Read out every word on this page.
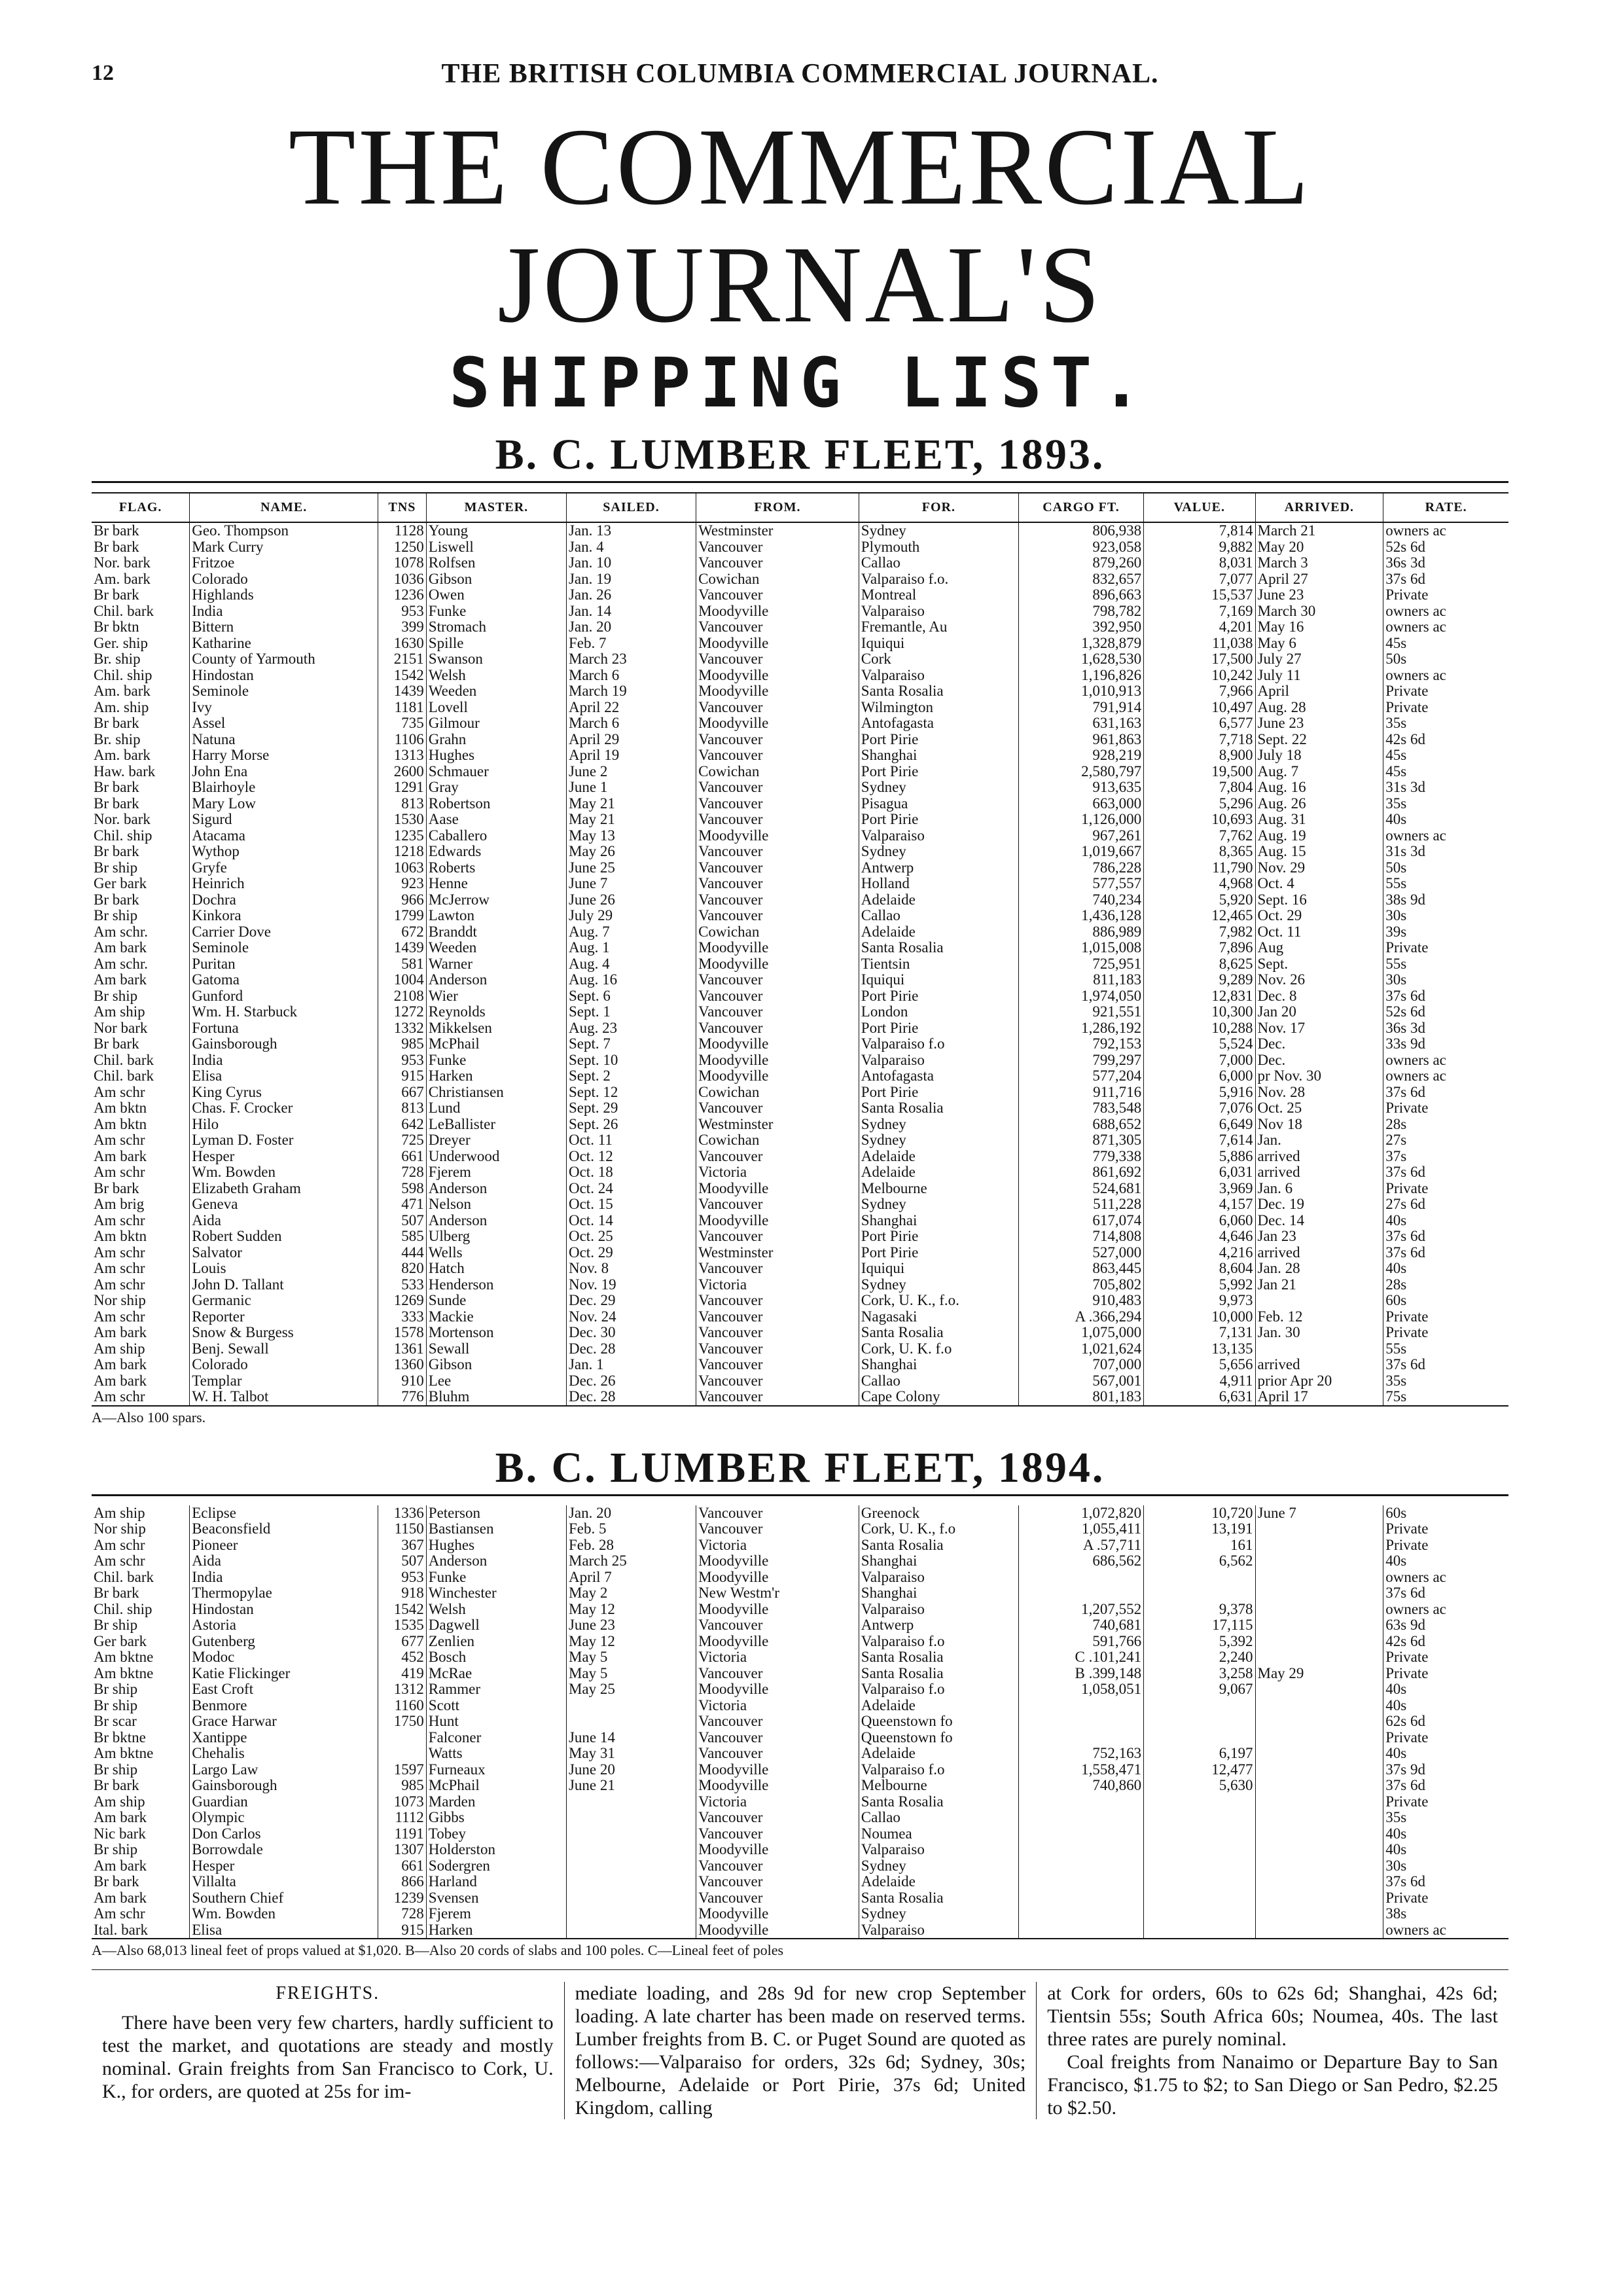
12	THE BRITISH COLUMBIA COMMERCIAL JOURNAL.
THE COMMERCIAL JOURNAL'S
SHIPPING LIST.
B. C. LUMBER FLEET, 1893.
FLAG.	NAME.	TNS	MASTER.	SAILED.	FROM.	FOR.	CARGO FT.	VALUE.	ARRIVED.	RATE.
Br bark	Geo. Thompson	1128	Young	Jan. 13	Westminster	Sydney	806,938	7,814	March 21	owners ac
Br bark	Mark Curry	1250	Liswell	Jan. 4	Vancouver	Plymouth	923,058	9,882	May 20	52s 6d
Nor. bark	Fritzoe	1078	Rolfsen	Jan. 10	Vancouver	Callao	879,260	8,031	March 3	36s 3d
Am. bark	Colorado	1036	Gibson	Jan. 19	Cowichan	Valparaiso f.o.	832,657	7,077	April 27	37s 6d
Br bark	Highlands	1236	Owen	Jan. 26	Vancouver	Montreal	896,663	15,537	June 23	Private
Chil. bark	India	953	Funke	Jan. 14	Moodyville	Valparaiso	798,782	7,169	March 30	owners ac
Br bktn	Bittern	399	Stromach	Jan. 20	Vancouver	Fremantle, Au	392,950	4,201	May 16	owners ac
Ger. ship	Katharine	1630	Spille	Feb. 7	Moodyville	Iquiqui	1,328,879	11,038	May 6	45s
Br. ship	County of Yarmouth	2151	Swanson	March 23	Vancouver	Cork	1,628,530	17,500	July 27	50s
Chil. ship	Hindostan	1542	Welsh	March 6	Moodyville	Valparaiso	1,196,826	10,242	July 11	owners ac
Am. bark	Seminole	1439	Weeden	March 19	Moodyville	Santa Rosalia	1,010,913	7,966	April	Private
Am. ship	Ivy	1181	Lovell	April 22	Vancouver	Wilmington	791,914	10,497	Aug. 28	Private
Br bark	Assel	735	Gilmour	March 6	Moodyville	Antofagasta	631,163	6,577	June 23	35s
Br. ship	Natuna	1106	Grahn	April 29	Vancouver	Port Pirie	961,863	7,718	Sept. 22	42s 6d
Am. bark	Harry Morse	1313	Hughes	April 19	Vancouver	Shanghai	928,219	8,900	July 18	45s
Haw. bark	John Ena	2600	Schmauer	June 2	Cowichan	Port Pirie	2,580,797	19,500	Aug. 7	45s
Br bark	Blairhoyle	1291	Gray	June 1	Vancouver	Sydney	913,635	7,804	Aug. 16	31s 3d
Br bark	Mary Low	813	Robertson	May 21	Vancouver	Pisagua	663,000	5,296	Aug. 26	35s
Nor. bark	Sigurd	1530	Aase	May 21	Vancouver	Port Pirie	1,126,000	10,693	Aug. 31	40s
Chil. ship	Atacama	1235	Caballero	May 13	Moodyville	Valparaiso	967,261	7,762	Aug. 19	owners ac
Br bark	Wythop	1218	Edwards	May 26	Vancouver	Sydney	1,019,667	8,365	Aug. 15	31s 3d
Br ship	Gryfe	1063	Roberts	June 25	Vancouver	Antwerp	786,228	11,790	Nov. 29	50s
Ger bark	Heinrich	923	Henne	June 7	Vancouver	Holland	577,557	4,968	Oct. 4	55s
Br bark	Dochra	966	McJerrow	June 26	Vancouver	Adelaide	740,234	5,920	Sept. 16	38s 9d
Br ship	Kinkora	1799	Lawton	July 29	Vancouver	Callao	1,436,128	12,465	Oct. 29	30s
Am schr.	Carrier Dove	672	Branddt	Aug. 7	Cowichan	Adelaide	886,989	7,982	Oct. 11	39s
Am bark	Seminole	1439	Weeden	Aug. 1	Moodyville	Santa Rosalia	1,015,008	7,896	Aug	Private
Am schr.	Puritan	581	Warner	Aug. 4	Moodyville	Tientsin	725,951	8,625	Sept.	55s
Am bark	Gatoma	1004	Anderson	Aug. 16	Vancouver	Iquiqui	811,183	9,289	Nov. 26	30s
Br ship	Gunford	2108	Wier	Sept. 6	Vancouver	Port Pirie	1,974,050	12,831	Dec. 8	37s 6d
Am ship	Wm. H. Starbuck	1272	Reynolds	Sept. 1	Vancouver	London	921,551	10,300	Jan 20	52s 6d
Nor bark	Fortuna	1332	Mikkelsen	Aug. 23	Vancouver	Port Pirie	1,286,192	10,288	Nov. 17	36s 3d
Br bark	Gainsborough	985	McPhail	Sept. 7	Moodyville	Valparaiso f.o	792,153	5,524	Dec.	33s 9d
Chil. bark	India	953	Funke	Sept. 10	Moodyville	Valparaiso	799,297	7,000	Dec.	owners ac
Chil. bark	Elisa	915	Harken	Sept. 2	Moodyville	Antofagasta	577,204	6,000	pr Nov. 30	owners ac
Am schr	King Cyrus	667	Christiansen	Sept. 12	Cowichan	Port Pirie	911,716	5,916	Nov. 28	37s 6d
Am bktn	Chas. F. Crocker	813	Lund	Sept. 29	Vancouver	Santa Rosalia	783,548	7,076	Oct. 25	Private
Am bktn	Hilo	642	LeBallister	Sept. 26	Westminster	Sydney	688,652	6,649	Nov 18	28s
Am schr	Lyman D. Foster	725	Dreyer	Oct. 11	Cowichan	Sydney	871,305	7,614	Jan.	27s
Am bark	Hesper	661	Underwood	Oct. 12	Vancouver	Adelaide	779,338	5,886	arrived	37s
Am schr	Wm. Bowden	728	Fjerem	Oct. 18	Victoria	Adelaide	861,692	6,031	arrived	37s 6d
Br bark	Elizabeth Graham	598	Anderson	Oct. 24	Moodyville	Melbourne	524,681	3,969	Jan. 6	Private
Am brig	Geneva	471	Nelson	Oct. 15	Vancouver	Sydney	511,228	4,157	Dec. 19	27s 6d
Am schr	Aida	507	Anderson	Oct. 14	Moodyville	Shanghai	617,074	6,060	Dec. 14	40s
Am bktn	Robert Sudden	585	Ulberg	Oct. 25	Vancouver	Port Pirie	714,808	4,646	Jan 23	37s 6d
Am schr	Salvator	444	Wells	Oct. 29	Westminster	Port Pirie	527,000	4,216	arrived	37s 6d
Am schr	Louis	820	Hatch	Nov. 8	Vancouver	Iquiqui	863,445	8,604	Jan. 28	40s
Am schr	John D. Tallant	533	Henderson	Nov. 19	Victoria	Sydney	705,802	5,992	Jan 21	28s
Nor ship	Germanic	1269	Sunde	Dec. 29	Vancouver	Cork, U. K., f.o.	910,483	9,973		60s
Am schr	Reporter	333	Mackie	Nov. 24	Vancouver	Nagasaki	A .366,294	10,000	Feb. 12	Private
Am bark	Snow & Burgess	1578	Mortenson	Dec. 30	Vancouver	Santa Rosalia	1,075,000	7,131	Jan. 30	Private
Am ship	Benj. Sewall	1361	Sewall	Dec. 28	Vancouver	Cork, U. K. f.o	1,021,624	13,135		55s
Am bark	Colorado	1360	Gibson	Jan. 1	Vancouver	Shanghai	707,000	5,656	arrived	37s 6d
Am bark	Templar	910	Lee	Dec. 26	Vancouver	Callao	567,001	4,911	prior Apr 20	35s
Am schr	W. H. Talbot	776	Bluhm	Dec. 28	Vancouver	Cape Colony	801,183	6,631	April 17	75s
A—Also 100 spars.
B. C. LUMBER FLEET, 1894.
Am ship	Eclipse	1336	Peterson	Jan. 20	Vancouver	Greenock	1,072,820	10,720	June 7	60s
Nor ship	Beaconsfield	1150	Bastiansen	Feb. 5	Vancouver	Cork, U. K., f.o	1,055,411	13,191		Private
Am schr	Pioneer	367	Hughes	Feb. 28	Victoria	Santa Rosalia	A .57,711	161		Private
Am schr	Aida	507	Anderson	March 25	Moodyville	Shanghai	686,562	6,562		40s
Chil. bark	India	953	Funke	April 7	Moodyville	Valparaiso				owners ac
Br bark	Thermopylae	918	Winchester	May 2	New Westm'r	Shanghai				37s 6d
Chil. ship	Hindostan	1542	Welsh	May 12	Moodyville	Valparaiso	1,207,552	9,378		owners ac
Br ship	Astoria	1535	Dagwell	June 23	Vancouver	Antwerp	740,681	17,115		63s 9d
Ger bark	Gutenberg	677	Zenlien	May 12	Moodyville	Valparaiso f.o	591,766	5,392		42s 6d
Am bktne	Modoc	452	Bosch	May 5	Victoria	Santa Rosalia	C .101,241	2,240		Private
Am bktne	Katie Flickinger	419	McRae	May 5	Vancouver	Santa Rosalia	B .399,148	3,258	May 29	Private
Br ship	East Croft	1312	Rammer	May 25	Moodyville	Valparaiso f.o	1,058,051	9,067		40s
Br ship	Benmore	1160	Scott		Victoria	Adelaide				40s
Br scar	Grace Harwar	1750	Hunt		Vancouver	Queenstown fo				62s 6d
Br bktne	Xantippe		Falconer	June 14	Vancouver	Queenstown fo				Private
Am bktne	Chehalis		Watts	May 31	Vancouver	Adelaide	752,163	6,197		40s
Br ship	Largo Law	1597	Furneaux	June 20	Moodyville	Valparaiso f.o	1,558,471	12,477		37s 9d
Br bark	Gainsborough	985	McPhail	June 21	Moodyville	Melbourne	740,860	5,630		37s 6d
Am ship	Guardian	1073	Marden		Victoria	Santa Rosalia				Private
Am bark	Olympic	1112	Gibbs		Vancouver	Callao				35s
Nic bark	Don Carlos	1191	Tobey		Vancouver	Noumea				40s
Br ship	Borrowdale	1307	Holderston		Moodyville	Valparaiso				40s
Am bark	Hesper	661	Sodergren		Vancouver	Sydney				30s
Br bark	Villalta	866	Harland		Vancouver	Adelaide				37s 6d
Am bark	Southern Chief	1239	Svensen		Vancouver	Santa Rosalia				Private
Am schr	Wm. Bowden	728	Fjerem		Moodyville	Sydney				38s
Ital. bark	Elisa	915	Harken		Moodyville	Valparaiso				owners ac
A—Also 68,013 lineal feet of props valued at $1,020. B—Also 20 cords of slabs and 100 poles. C—Lineal feet of poles
FREIGHTS.

There have been very few charters, hardly sufficient to test the market, and quotations are steady and mostly nominal. Grain freights from San Francisco to Cork, U. K., for orders, are quoted at 25s for im-

mediate loading, and 28s 9d for new crop September loading. A late charter has been made on reserved terms. Lumber freights from B. C. or Puget Sound are quoted as follows:—Valparaiso for orders, 32s 6d; Sydney, 30s; Melbourne, Adelaide or Port Pirie, 37s 6d; United Kingdom, calling

at Cork for orders, 60s to 62s 6d; Shanghai, 42s 6d; Tientsin 55s; South Africa 60s; Noumea, 40s. The last three rates are purely nominal.

Coal freights from Nanaimo or Departure Bay to San Francisco, $1.75 to $2; to San Diego or San Pedro, $2.25 to $2.50.
